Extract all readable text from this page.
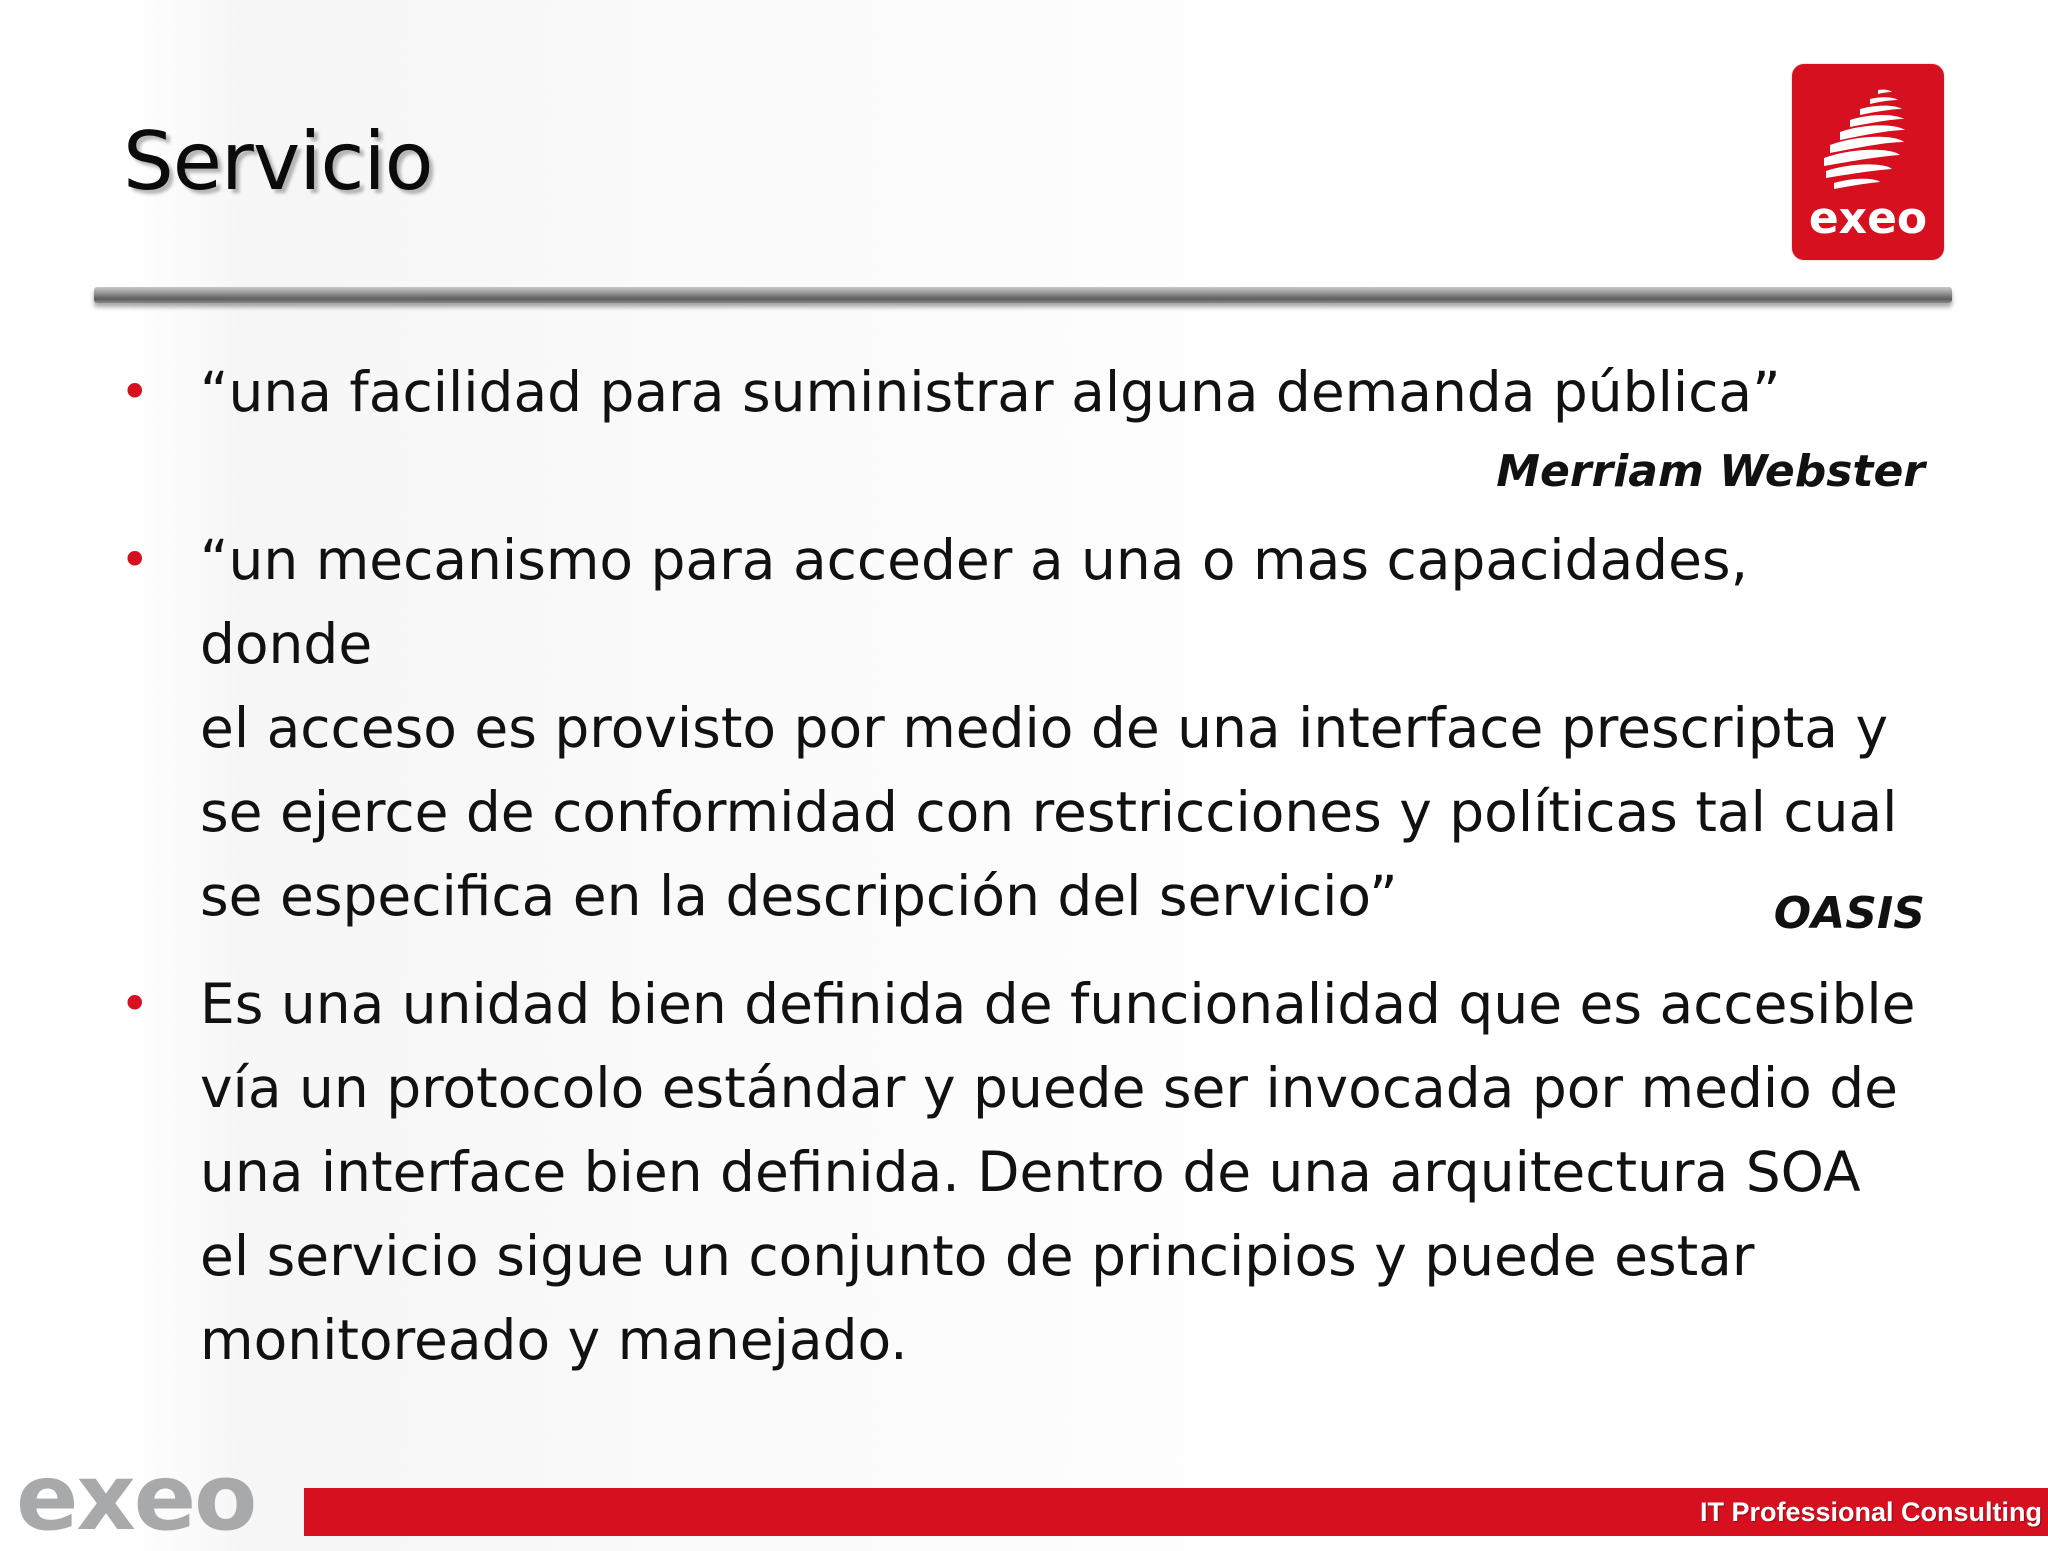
Servicio
exeo
• “una facilidad para suministrar alguna demanda pública”
Merriam Webster
• “un mecanismo para acceder a una o mas capacidades, donde
el acceso es provisto por medio de una interface prescripta y
se ejerce de conformidad con restricciones y políticas tal cual
se especifica en la descripción del servicio”	OASIS
• Es una unidad bien definida de funcionalidad que es accesible
vía un protocolo estándar y puede ser invocada por medio de
una interface bien definida. Dentro de una arquitectura SOA
el servicio sigue un conjunto de principios y puede estar
monitoreado y manejado.
exeo	IT Professional Consulting
